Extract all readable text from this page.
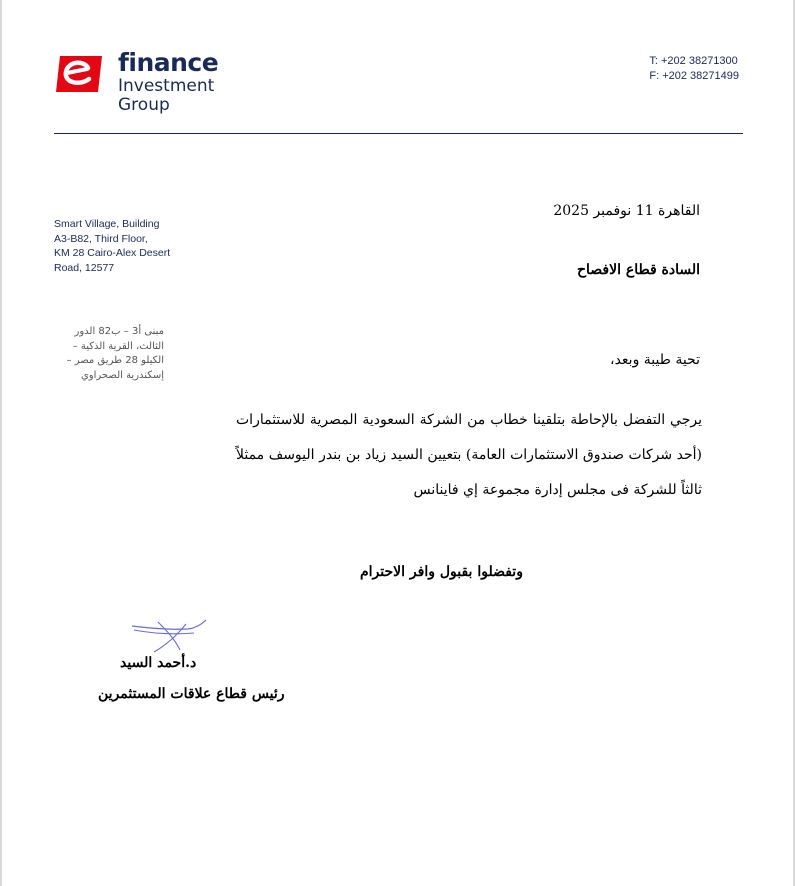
finance
Investment
Group
T: +202 38271300
F: +202 38271499
Smart Village, Building
A3-B82, Third Floor,
KM 28 Cairo-Alex Desert
Road, 12577
مبنى أ3 – ب82 الدور
الثالث، القرية الذكية –
الكيلو 28 طريق مصر –
إسكندرية الصحراوي
القاهرة 11 نوفمبر 2025
السادة قطاع الافصاح
تحية طيبة وبعد،
يرجي التفضل بالإحاطة بتلقينا خطاب من الشركة السعودية المصرية للاستثمارات (أحد شركات صندوق الاستثمارات العامة) بتعيين السيد زياد بن بندر اليوسف ممثلاً ثالثاً للشركة فى مجلس إدارة مجموعة إي فاينانس
وتفضلوا بقبول وافر الاحترام
د.أحمد السيد
رئيس قطاع علاقات المستثمرين
